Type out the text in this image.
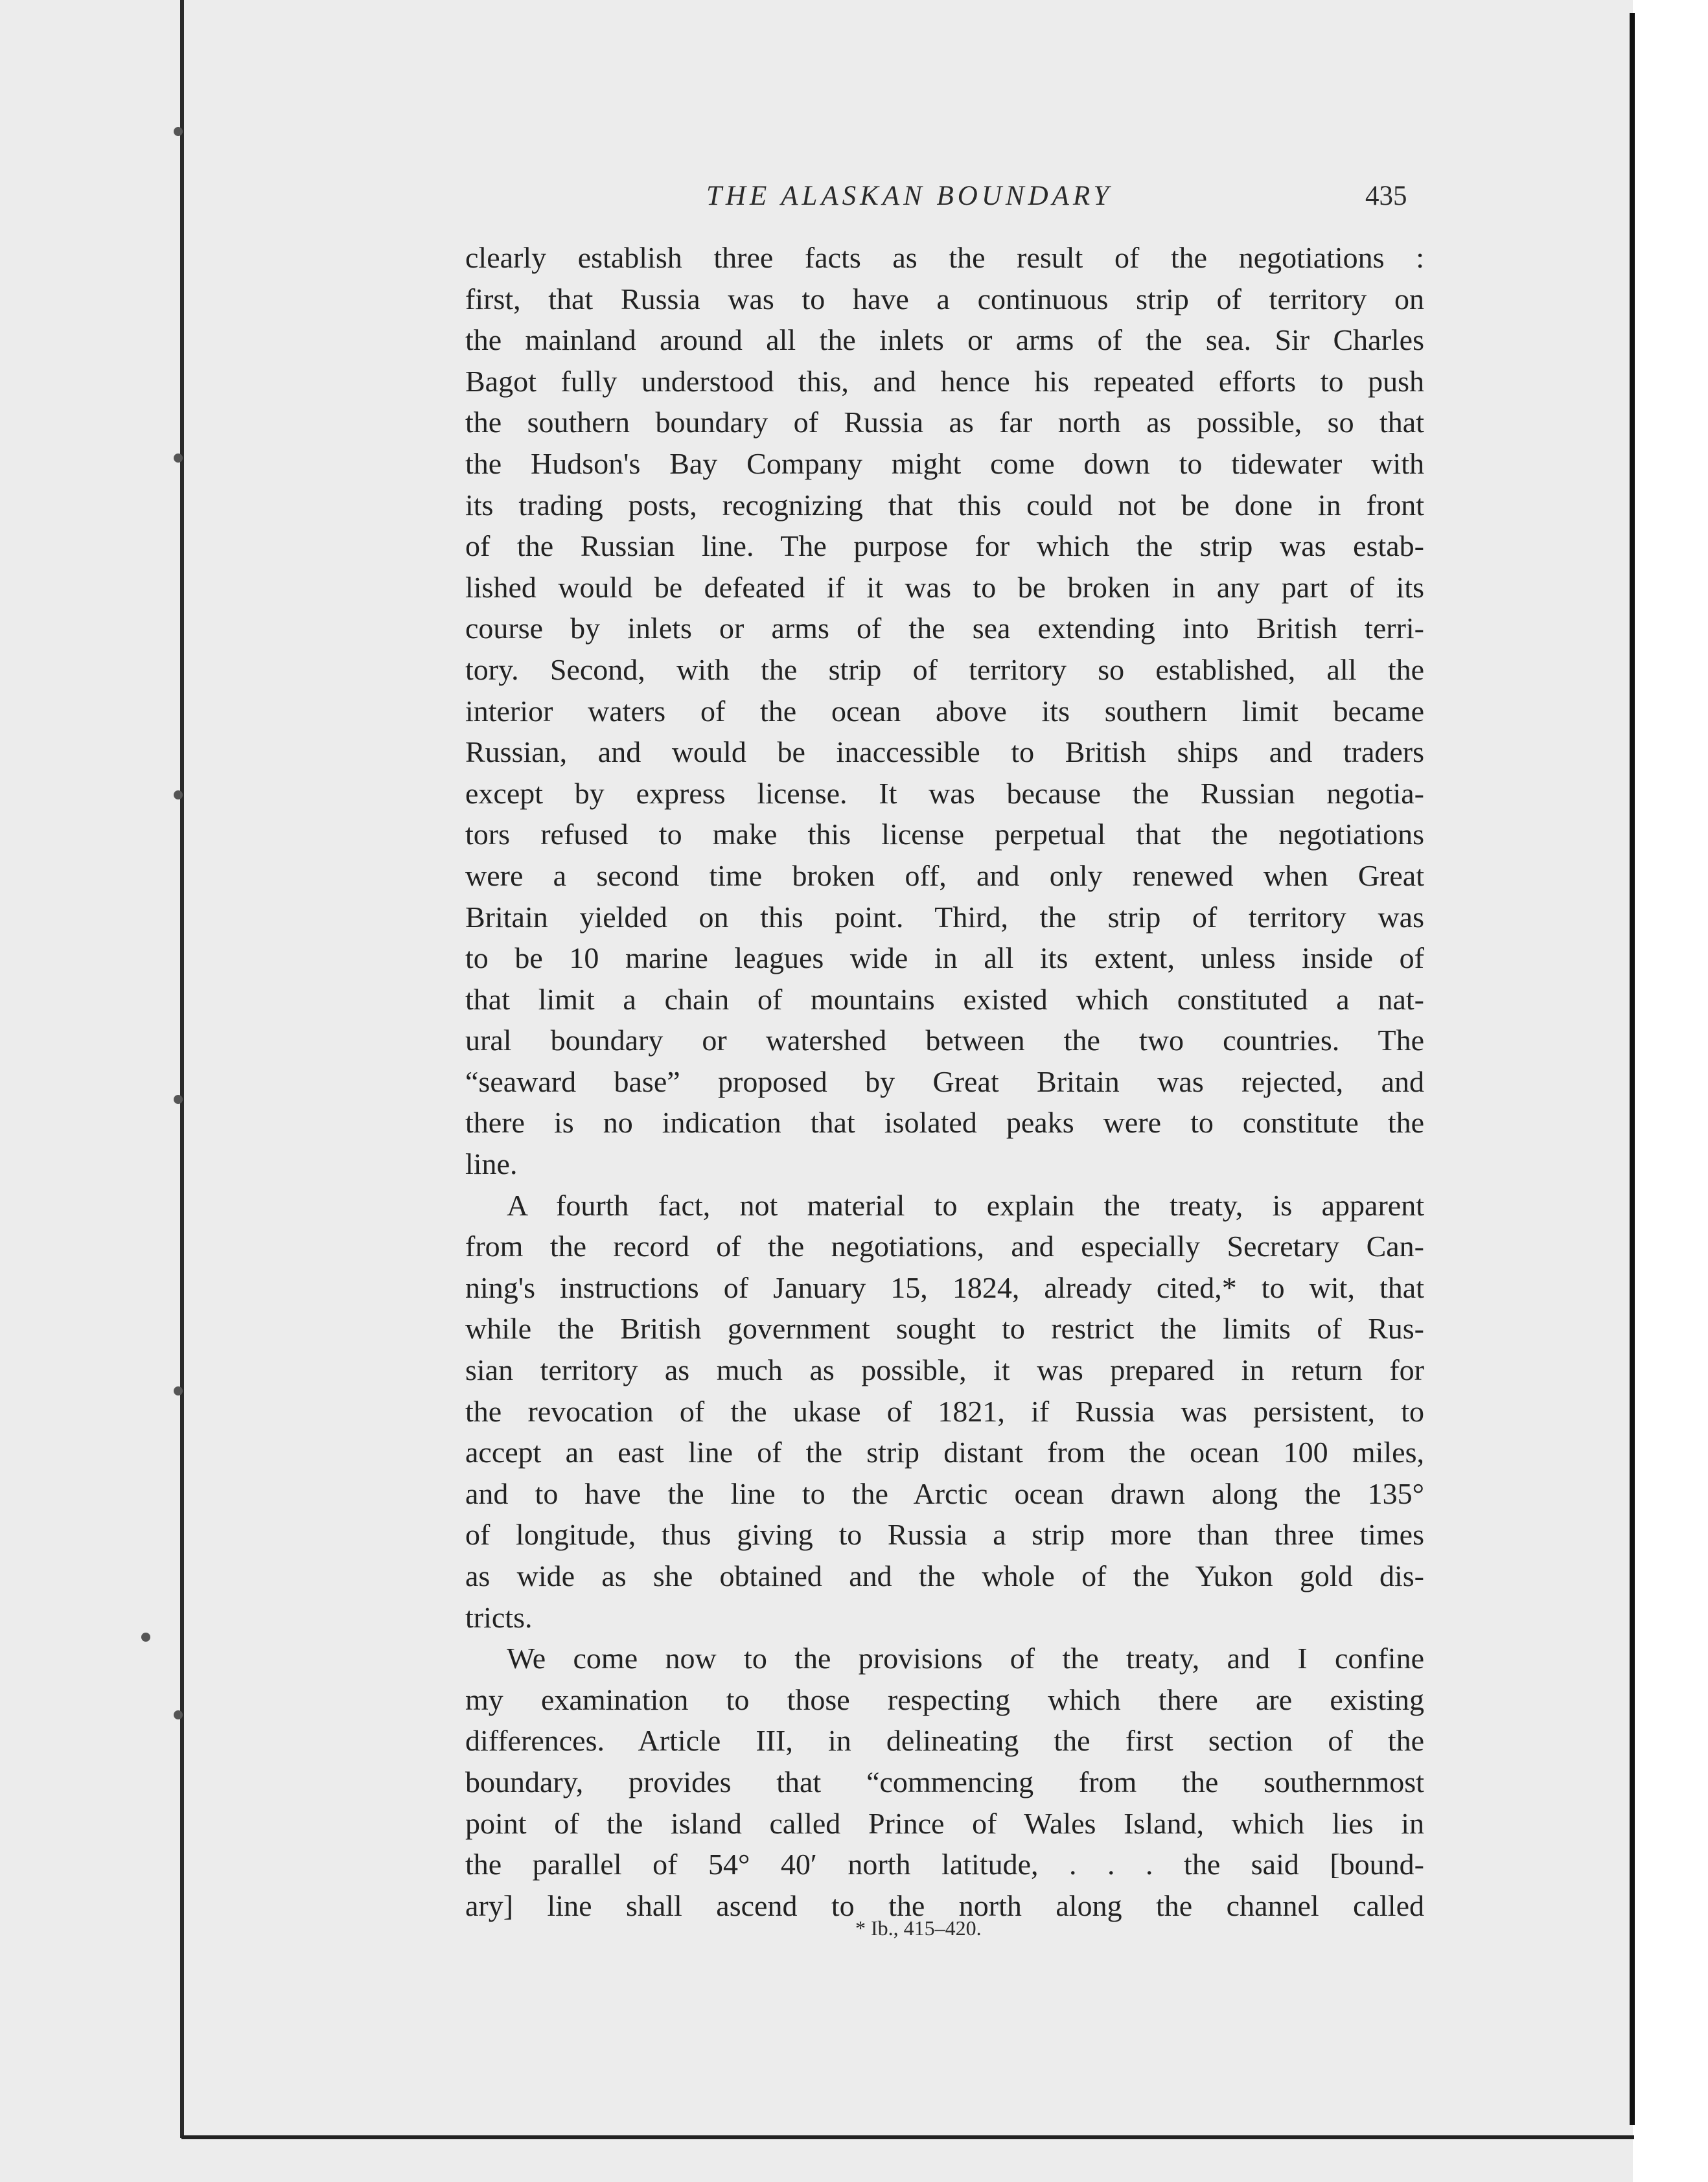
THE ALASKAN BOUNDARY	435
clearly establish three facts as the result of the negotiations :
first, that Russia was to have a continuous strip of territory on
the mainland around all the inlets or arms of the sea. Sir Charles
Bagot fully understood this, and hence his repeated efforts to push
the southern boundary of Russia as far north as possible, so that
the Hudson's Bay Company might come down to tidewater with
its trading posts, recognizing that this could not be done in front
of the Russian line. The purpose for which the strip was estab-
lished would be defeated if it was to be broken in any part of its
course by inlets or arms of the sea extending into British terri-
tory. Second, with the strip of territory so established, all the
interior waters of the ocean above its southern limit became
Russian, and would be inaccessible to British ships and traders
except by express license. It was because the Russian negotia-
tors refused to make this license perpetual that the negotiations
were a second time broken off, and only renewed when Great
Britain yielded on this point. Third, the strip of territory was
to be 10 marine leagues wide in all its extent, unless inside of
that limit a chain of mountains existed which constituted a nat-
ural boundary or watershed between the two countries. The
“seaward base” proposed by Great Britain was rejected, and
there is no indication that isolated peaks were to constitute the
line.
A fourth fact, not material to explain the treaty, is apparent
from the record of the negotiations, and especially Secretary Can-
ning's instructions of January 15, 1824, already cited,* to wit, that
while the British government sought to restrict the limits of Rus-
sian territory as much as possible, it was prepared in return for
the revocation of the ukase of 1821, if Russia was persistent, to
accept an east line of the strip distant from the ocean 100 miles,
and to have the line to the Arctic ocean drawn along the 135°
of longitude, thus giving to Russia a strip more than three times
as wide as she obtained and the whole of the Yukon gold dis-
tricts.
We come now to the provisions of the treaty, and I confine
my examination to those respecting which there are existing
differences. Article III, in delineating the first section of the
boundary, provides that “commencing from the southernmost
point of the island called Prince of Wales Island, which lies in
the parallel of 54° 40′ north latitude, . . . the said [bound-
ary] line shall ascend to the north along the channel called
* Ib., 415–420.
